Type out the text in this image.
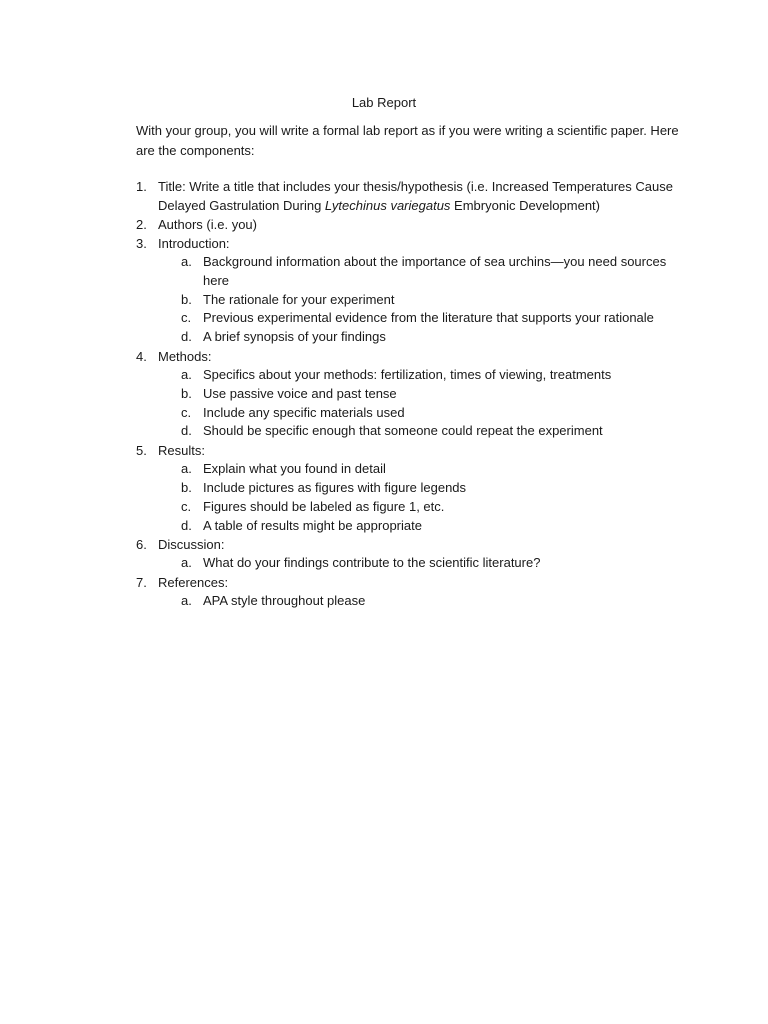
Lab Report
With your group, you will write a formal lab report as if you were writing a scientific paper. Here are the components:
1. Title: Write a title that includes your thesis/hypothesis (i.e. Increased Temperatures Cause
Delayed Gastrulation During Lytechinus variegatus Embryonic Development)
2. Authors (i.e. you)
3. Introduction:
a. Background information about the importance of sea urchins—you need sources
here
b. The rationale for your experiment
c. Previous experimental evidence from the literature that supports your rationale
d. A brief synopsis of your findings
4. Methods:
a. Specifics about your methods: fertilization, times of viewing, treatments
b. Use passive voice and past tense
c. Include any specific materials used
d. Should be specific enough that someone could repeat the experiment
5. Results:
a. Explain what you found in detail
b. Include pictures as figures with figure legends
c. Figures should be labeled as figure 1, etc.
d. A table of results might be appropriate
6. Discussion:
a. What do your findings contribute to the scientific literature?
7. References:
a. APA style throughout please
